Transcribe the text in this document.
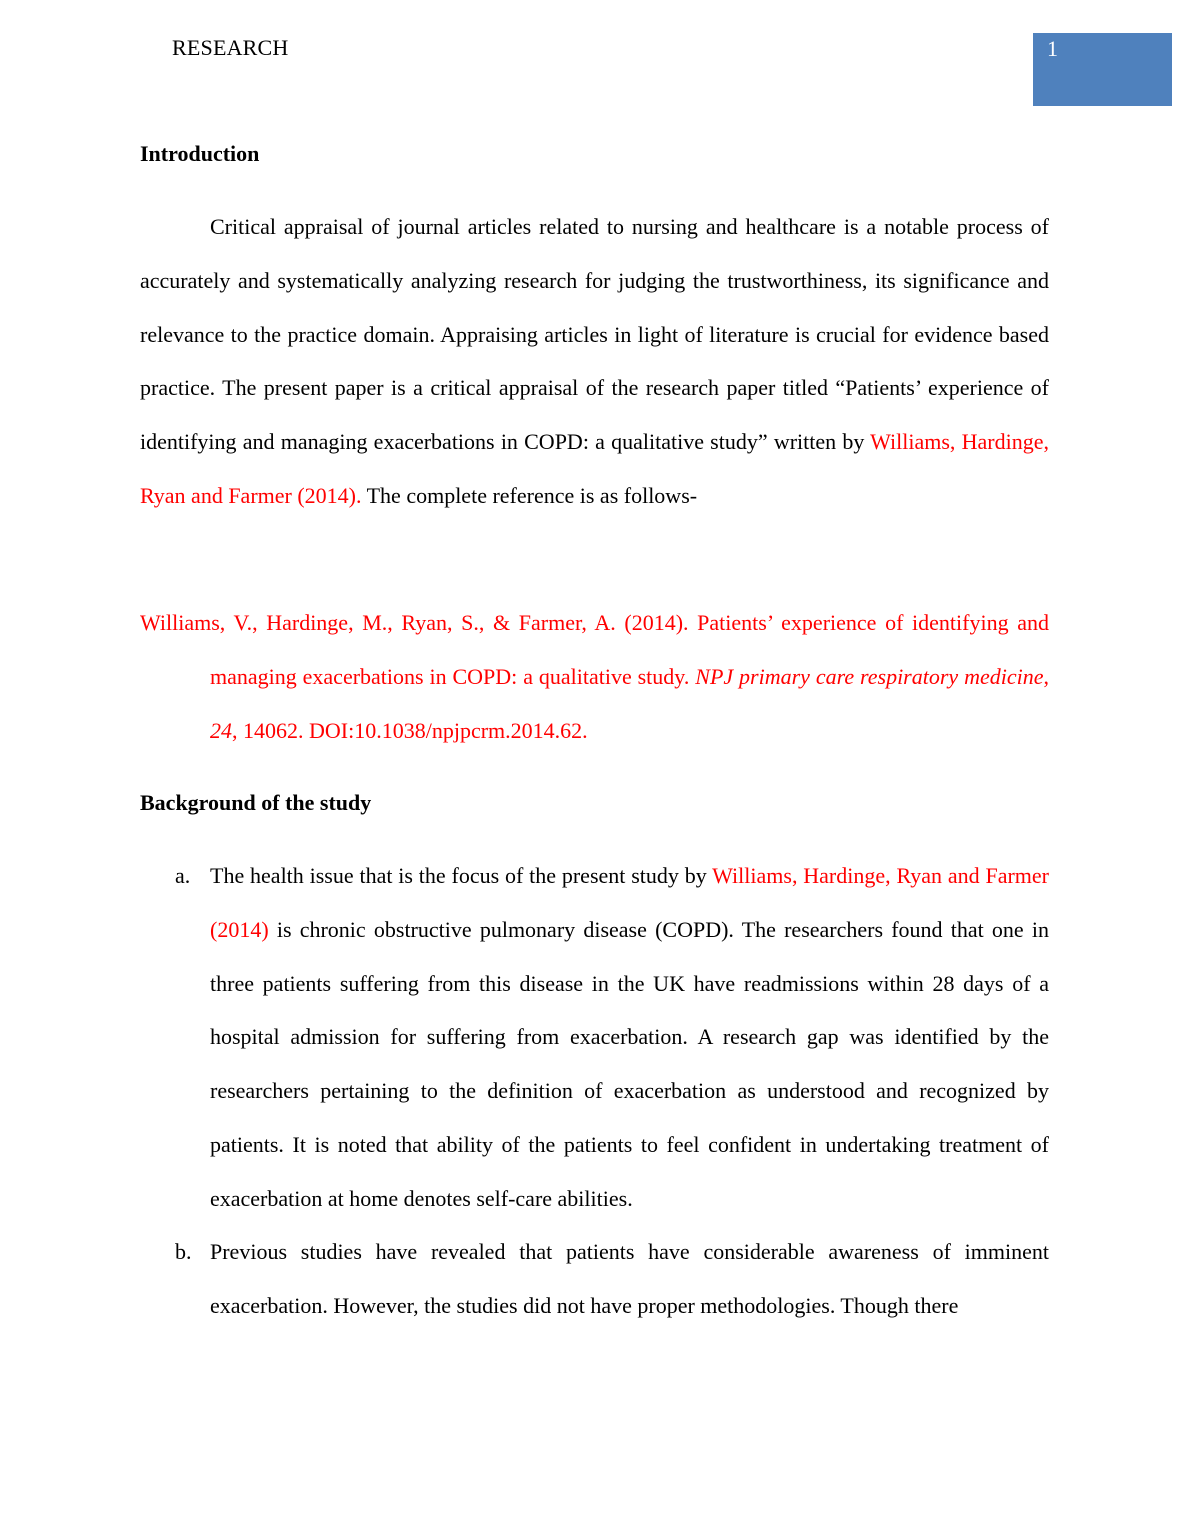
RESEARCH	1
Introduction

Critical appraisal of journal articles related to nursing and healthcare is a notable process of accurately and systematically analyzing research for judging the trustworthiness, its significance and relevance to the practice domain. Appraising articles in light of literature is crucial for evidence based practice. The present paper is a critical appraisal of the research paper titled “Patients’ experience of identifying and managing exacerbations in COPD: a qualitative study” written by Williams, Hardinge, Ryan and Farmer (2014). The complete reference is as follows-

Williams, V., Hardinge, M., Ryan, S., & Farmer, A. (2014). Patients’ experience of identifying and managing exacerbations in COPD: a qualitative study. NPJ primary care respiratory medicine, 24, 14062. DOI:10.1038/npjpcrm.2014.62.

Background of the study
a. The health issue that is the focus of the present study by Williams, Hardinge, Ryan and Farmer (2014) is chronic obstructive pulmonary disease (COPD). The researchers found that one in three patients suffering from this disease in the UK have readmissions within 28 days of a hospital admission for suffering from exacerbation. A research gap was identified by the researchers pertaining to the definition of exacerbation as understood and recognized by patients. It is noted that ability of the patients to feel confident in undertaking treatment of exacerbation at home denotes self-care abilities.
b. Previous studies have revealed that patients have considerable awareness of imminent exacerbation. However, the studies did not have proper methodologies. Though there
